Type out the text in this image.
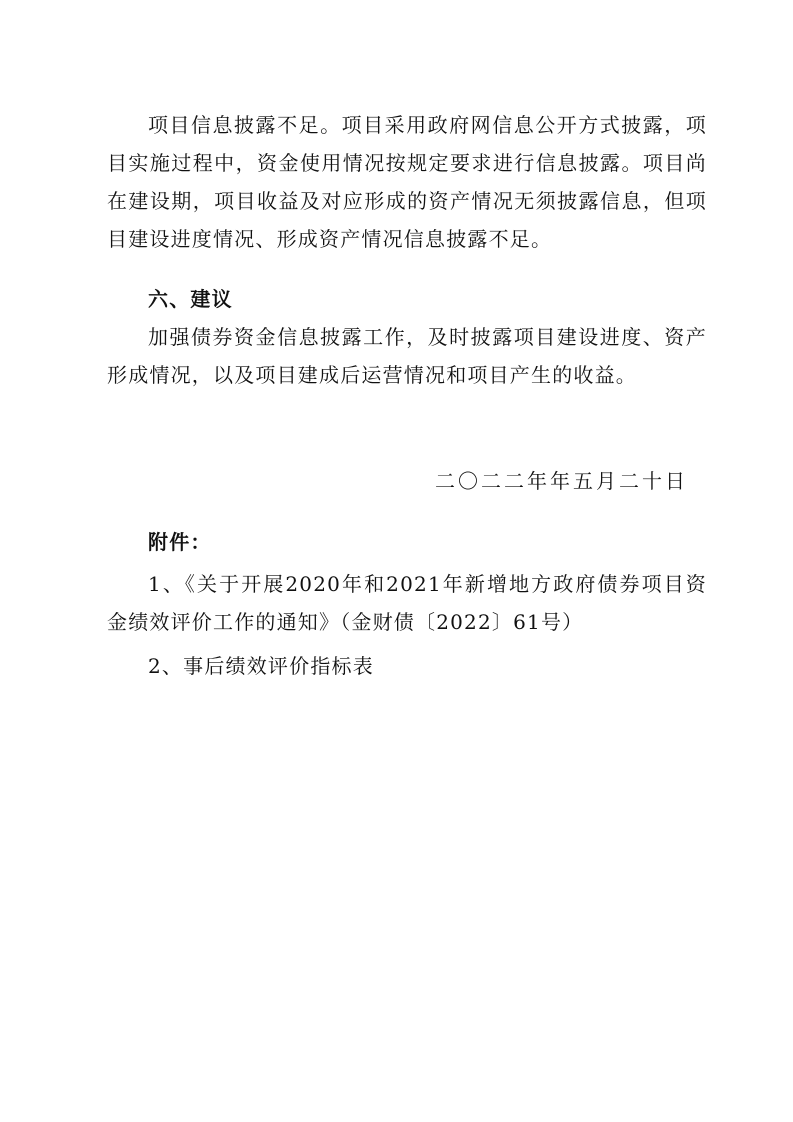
项目信息披露不足。项目采用政府网信息公开方式披露，项目实施过程中，资金使用情况按规定要求进行信息披露。项目尚在建设期，项目收益及对应形成的资产情况无须披露信息，但项目建设进度情况、形成资产情况信息披露不足。

六、建议

加强债券资金信息披露工作，及时披露项目建设进度、资产形成情况，以及项目建成后运营情况和项目产生的收益。

二〇二二年年五月二十日

附件：

1、《关于开展2020年和2021年新增地方政府债券项目资金绩效评价工作的通知》（金财债〔2022〕61号）

2、事后绩效评价指标表
